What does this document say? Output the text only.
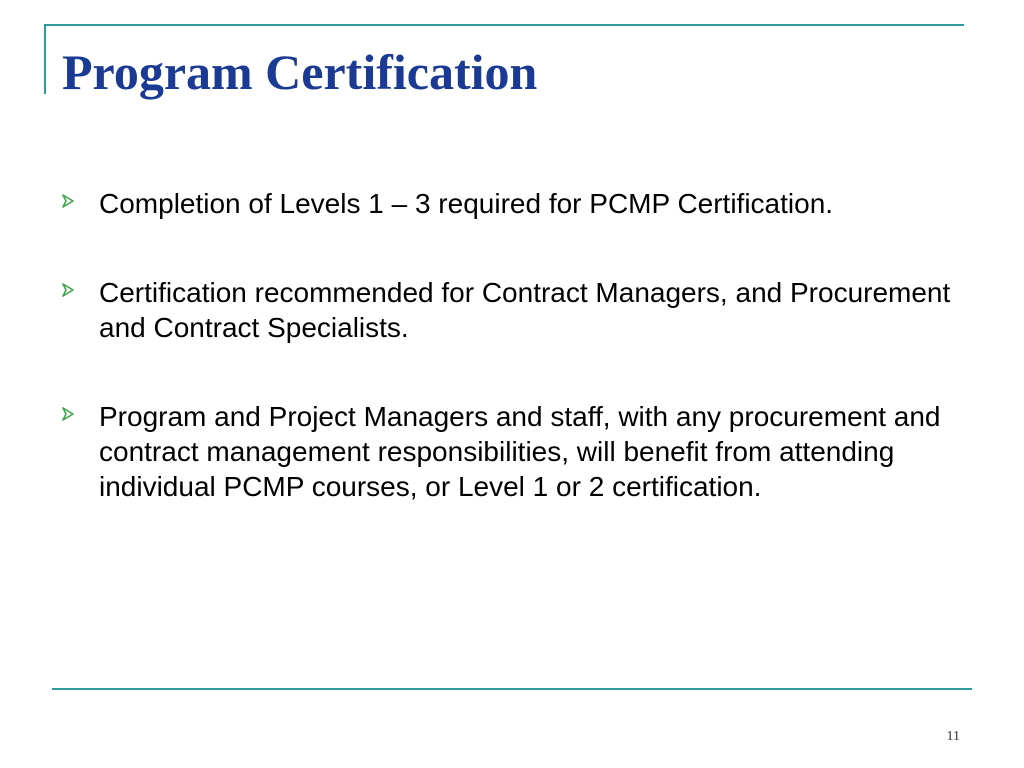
Program Certification
Completion of Levels 1 – 3 required for PCMP Certification.
Certification recommended for Contract Managers, and Procurement and Contract Specialists.
Program and Project Managers and staff, with any procurement and contract management responsibilities, will benefit from attending individual PCMP courses, or Level 1 or 2 certification.
11
